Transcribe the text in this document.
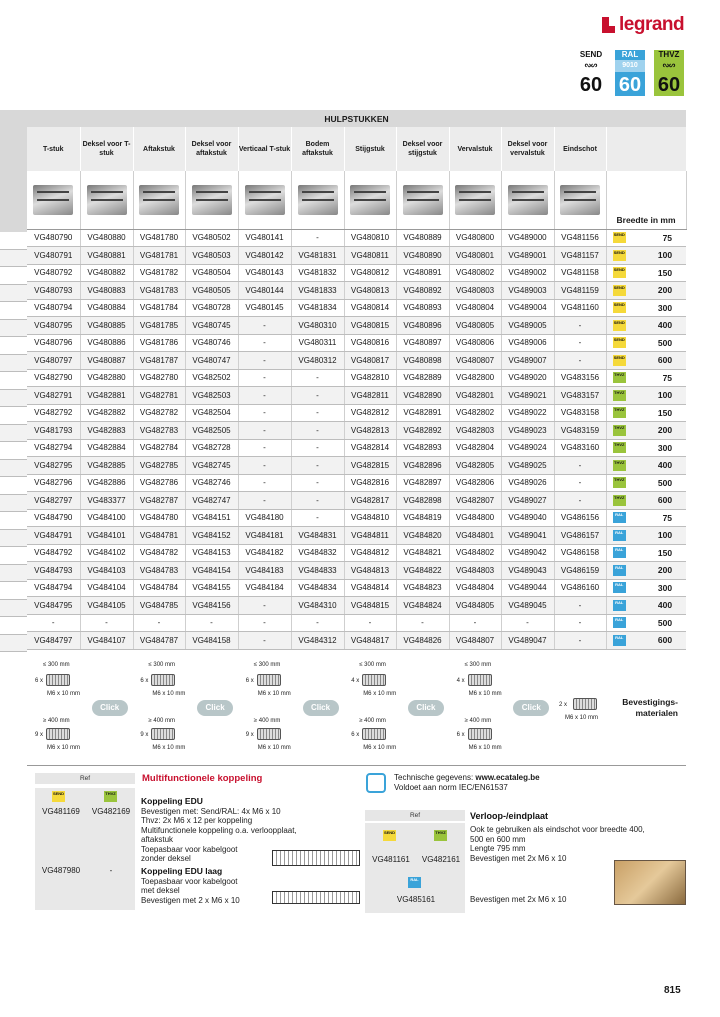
legrand
SEND
ᔓᔕ
60
RAL
9010
60
THVZ
ᔓᔕ
60
HULPSTUKKEN												
T-stuk	Deksel voor T-stuk	Aftakstuk	Deksel voor aftakstuk	Verticaal T-stuk	Bodem aftakstuk	Stijgstuk	Deksel voor stijgstuk	Vervalstuk	Deksel voor vervalstuk	Eindschot		

	Breedte in mm	
VG480790	VG480880	VG481780	VG480502	VG480141	-	VG480810	VG480889	VG480800	VG489000	VG481156	SEND	75
VG480791	VG480881	VG481781	VG480503	VG480142	VG481831	VG480811	VG480890	VG480801	VG489001	VG481157	SEND	100
VG480792	VG480882	VG481782	VG480504	VG480143	VG481832	VG480812	VG480891	VG480802	VG489002	VG481158	SEND	150
VG480793	VG480883	VG481783	VG480505	VG480144	VG481833	VG480813	VG480892	VG480803	VG489003	VG481159	SEND	200
VG480794	VG480884	VG481784	VG480728	VG480145	VG481834	VG480814	VG480893	VG480804	VG489004	VG481160	SEND	300
VG480795	VG480885	VG481785	VG480745	-	VG480310	VG480815	VG480896	VG480805	VG489005	-	SEND	400
VG480796	VG480886	VG481786	VG480746	-	VG480311	VG480816	VG480897	VG480806	VG489006	-	SEND	500
VG480797	VG480887	VG481787	VG480747	-	VG480312	VG480817	VG480898	VG480807	VG489007	-	SEND	600
VG482790	VG482880	VG482780	VG482502	-	-	VG482810	VG482889	VG482800	VG489020	VG483156	THVZ	75
VG482791	VG482881	VG482781	VG482503	-	-	VG482811	VG482890	VG482801	VG489021	VG483157	THVZ	100
VG482792	VG482882	VG482782	VG482504	-	-	VG482812	VG482891	VG482802	VG489022	VG483158	THVZ	150
VG481793	VG482883	VG482783	VG482505	-	-	VG482813	VG482892	VG482803	VG489023	VG483159	THVZ	200
VG482794	VG482884	VG482784	VG482728	-	-	VG482814	VG482893	VG482804	VG489024	VG483160	THVZ	300
VG482795	VG482885	VG482785	VG482745	-	-	VG482815	VG482896	VG482805	VG489025	-	THVZ	400
VG482796	VG482886	VG482786	VG482746	-	-	VG482816	VG482897	VG482806	VG489026	-	THVZ	500
VG482797	VG483377	VG482787	VG482747	-	-	VG482817	VG482898	VG482807	VG489027	-	THVZ	600
VG484790	VG484100	VG484780	VG484151	VG484180	-	VG484810	VG484819	VG484800	VG489040	VG486156	RAL	75
VG484791	VG484101	VG484781	VG484152	VG484181	VG484831	VG484811	VG484820	VG484801	VG489041	VG486157	RAL	100
VG484792	VG484102	VG484782	VG484153	VG484182	VG484832	VG484812	VG484821	VG484802	VG489042	VG486158	RAL	150
VG484793	VG484103	VG484783	VG484154	VG484183	VG484833	VG484813	VG484822	VG484803	VG489043	VG486159	RAL	200
VG484794	VG484104	VG484784	VG484155	VG484184	VG484834	VG484814	VG484823	VG484804	VG489044	VG486160	RAL	300
VG484795	VG484105	VG484785	VG484156	-	VG484310	VG484815	VG484824	VG484805	VG489045	-	RAL	400
-	-	-	-	-	-	-	-	-	-	-	RAL	500
VG484797	VG484107	VG484787	VG484158	-	VG484312	VG484817	VG484826	VG484807	VG489047	-	RAL	600
≤ 300 mm
6 x
M6 x 10 mm
≥ 400 mm
9 x
M6 x 10 mm
Click
≤ 300 mm
6 x
M6 x 10 mm
≥ 400 mm
9 x
M6 x 10 mm
Click
≤ 300 mm
6 x
M6 x 10 mm
≥ 400 mm
9 x
M6 x 10 mm
Click
≤ 300 mm
4 x
M6 x 10 mm
≥ 400 mm
6 x
M6 x 10 mm
Click
≤ 300 mm
4 x
M6 x 10 mm
≥ 400 mm
6 x
M6 x 10 mm
Click	2 x
M6 x 10 mm
Bevestigings-materialen
Ref	Multifunctionele koppeling
SEND	THVZ
VG481169	VG482169
VG487980	-
Koppeling EDU
Bevestigen met: Send/RAL: 4x M6 x 10
Thvz: 2x M6 x 12 per koppeling
Multifunctionele koppeling o.a. verloopplaat,
aftakstuk
Toepasbaar voor kabelgoot
zonder deksel
Koppeling EDU laag
Toepasbaar voor kabelgoot
met deksel
Bevestigen met 2 x M6 x 10
Technische gegevens: www.ecataleg.be
Voldoet aan norm IEC/EN61537
Ref	Verloop-/eindplaat
SEND	THVZ
VG481161	VG482161
RAL
VG485161
Ook te gebruiken als eindschot voor breedte 400,
500 en 600 mm
Lengte 795 mm
Bevestigen met 2x M6 x 10
Bevestigen met 2x M6 x 10
815
